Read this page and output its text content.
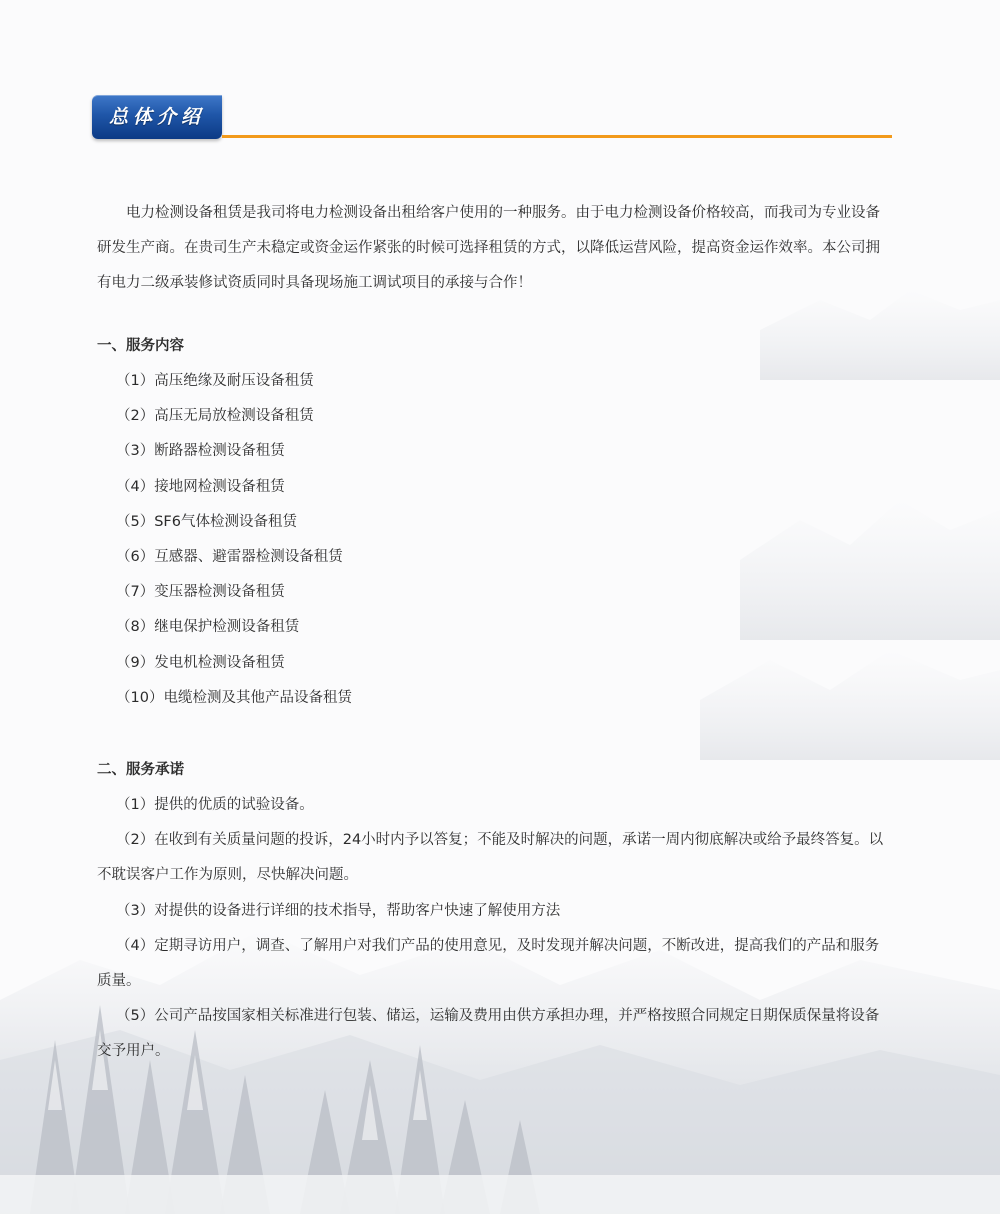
总体介绍

电力检测设备租赁是我司将电力检测设备出租给客户使用的一种服务。由于电力检测设备价格较高，而我司为专业设备研发生产商。在贵司生产未稳定或资金运作紧张的时候可选择租赁的方式，以降低运营风险，提高资金运作效率。本公司拥有电力二级承装修试资质同时具备现场施工调试项目的承接与合作！

一、服务内容

（1）高压绝缘及耐压设备租赁
（2）高压无局放检测设备租赁
（3）断路器检测设备租赁
（4）接地网检测设备租赁
（5）SF6气体检测设备租赁
（6）互感器、避雷器检测设备租赁
（7）变压器检测设备租赁
（8）继电保护检测设备租赁
（9）发电机检测设备租赁
（10）电缆检测及其他产品设备租赁

二、服务承诺

（1）提供的优质的试验设备。
（2）在收到有关质量问题的投诉，24小时内予以答复；不能及时解决的问题，承诺一周内彻底解决或给予最终答复。以不耽误客户工作为原则，尽快解决问题。
（3）对提供的设备进行详细的技术指导，帮助客户快速了解使用方法
（4）定期寻访用户，调查、了解用户对我们产品的使用意见，及时发现并解决问题，不断改进，提高我们的产品和服务质量。
（5）公司产品按国家相关标准进行包装、储运，运输及费用由供方承担办理，并严格按照合同规定日期保质保量将设备交予用户。
